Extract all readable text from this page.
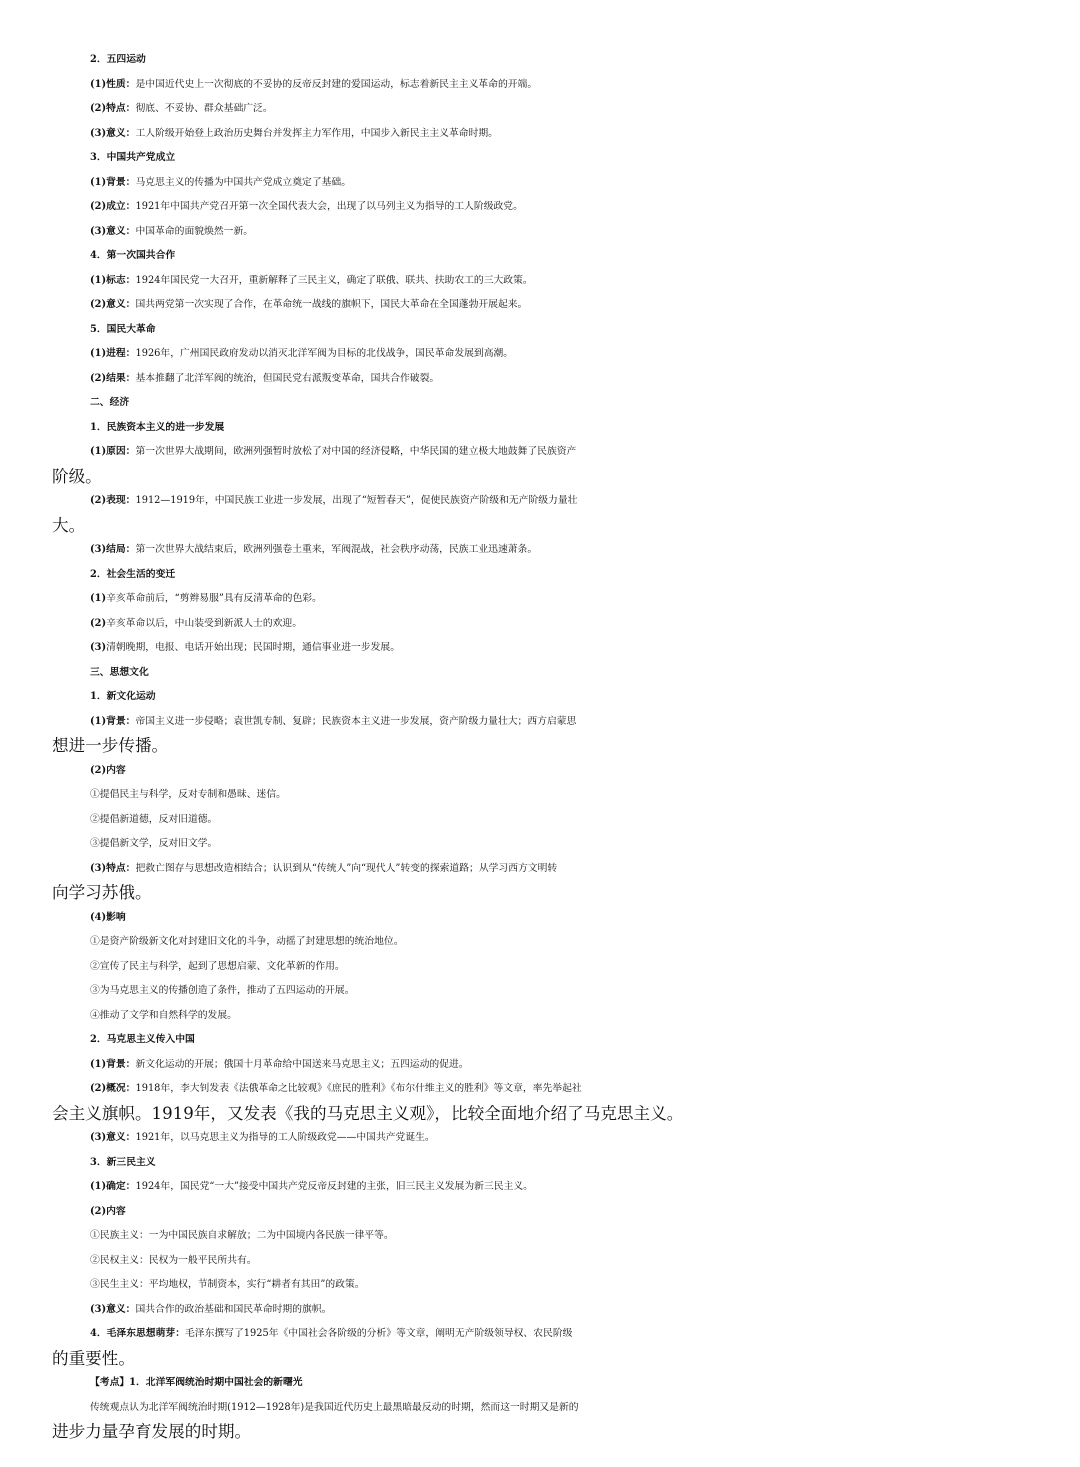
2．五四运动
(1)性质：是中国近代史上一次彻底的不妥协的反帝反封建的爱国运动，标志着新民主主义革命的开端。
(2)特点：彻底、不妥协、群众基础广泛。
(3)意义：工人阶级开始登上政治历史舞台并发挥主力军作用，中国步入新民主主义革命时期。
3．中国共产党成立
(1)背景：马克思主义的传播为中国共产党成立奠定了基础。
(2)成立：1921年中国共产党召开第一次全国代表大会，出现了以马列主义为指导的工人阶级政党。
(3)意义：中国革命的面貌焕然一新。
4．第一次国共合作
(1)标志：1924年国民党一大召开，重新解释了三民主义，确定了联俄、联共、扶助农工的三大政策。
(2)意义：国共两党第一次实现了合作，在革命统一战线的旗帜下，国民大革命在全国蓬勃开展起来。
5．国民大革命
(1)进程：1926年，广州国民政府发动以消灭北洋军阀为目标的北伐战争，国民革命发展到高潮。
(2)结果：基本推翻了北洋军阀的统治，但国民党右派叛变革命，国共合作破裂。
二、经济
1．民族资本主义的进一步发展
(1)原因：第一次世界大战期间，欧洲列强暂时放松了对中国的经济侵略，中华民国的建立极大地鼓舞了民族资产
阶级。
(2)表现：1912—1919年，中国民族工业进一步发展，出现了“短暂春天”，促使民族资产阶级和无产阶级力量壮
大。
(3)结局：第一次世界大战结束后，欧洲列强卷土重来，军阀混战，社会秩序动荡，民族工业迅速萧条。
2．社会生活的变迁
(1)辛亥革命前后，“剪辫易服”具有反清革命的色彩。
(2)辛亥革命以后，中山装受到新派人士的欢迎。
(3)清朝晚期，电报、电话开始出现；民国时期，通信事业进一步发展。
三、思想文化
1．新文化运动
(1)背景：帝国主义进一步侵略；袁世凯专制、复辟；民族资本主义进一步发展，资产阶级力量壮大；西方启蒙思
想进一步传播。
(2)内容
①提倡民主与科学，反对专制和愚昧、迷信。
②提倡新道德，反对旧道德。
③提倡新文学，反对旧文学。
(3)特点：把救亡图存与思想改造相结合；认识到从“传统人”向“现代人”转变的探索道路；从学习西方文明转
向学习苏俄。
(4)影响
①是资产阶级新文化对封建旧文化的斗争，动摇了封建思想的统治地位。
②宣传了民主与科学，起到了思想启蒙、文化革新的作用。
③为马克思主义的传播创造了条件，推动了五四运动的开展。
④推动了文学和自然科学的发展。
2．马克思主义传入中国
(1)背景：新文化运动的开展；俄国十月革命给中国送来马克思主义；五四运动的促进。
(2)概况：1918年，李大钊发表《法俄革命之比较观》《庶民的胜利》《布尔什维主义的胜利》等文章，率先举起社
会主义旗帜。1919年，又发表《我的马克思主义观》，比较全面地介绍了马克思主义。
(3)意义：1921年，以马克思主义为指导的工人阶级政党——中国共产党诞生。
3．新三民主义
(1)确定：1924年，国民党“一大”接受中国共产党反帝反封建的主张，旧三民主义发展为新三民主义。
(2)内容
①民族主义：一为中国民族自求解放；二为中国境内各民族一律平等。
②民权主义：民权为一般平民所共有。
③民生主义：平均地权，节制资本，实行“耕者有其田”的政策。
(3)意义：国共合作的政治基础和国民革命时期的旗帜。
4．毛泽东思想萌芽：毛泽东撰写了1925年《中国社会各阶级的分析》等文章，阐明无产阶级领导权、农民阶级
的重要性。
【考点】1．北洋军阀统治时期中国社会的新曙光
传统观点认为北洋军阀统治时期(1912—1928年)是我国近代历史上最黑暗最反动的时期，然而这一时期又是新的
进步力量孕育发展的时期。
